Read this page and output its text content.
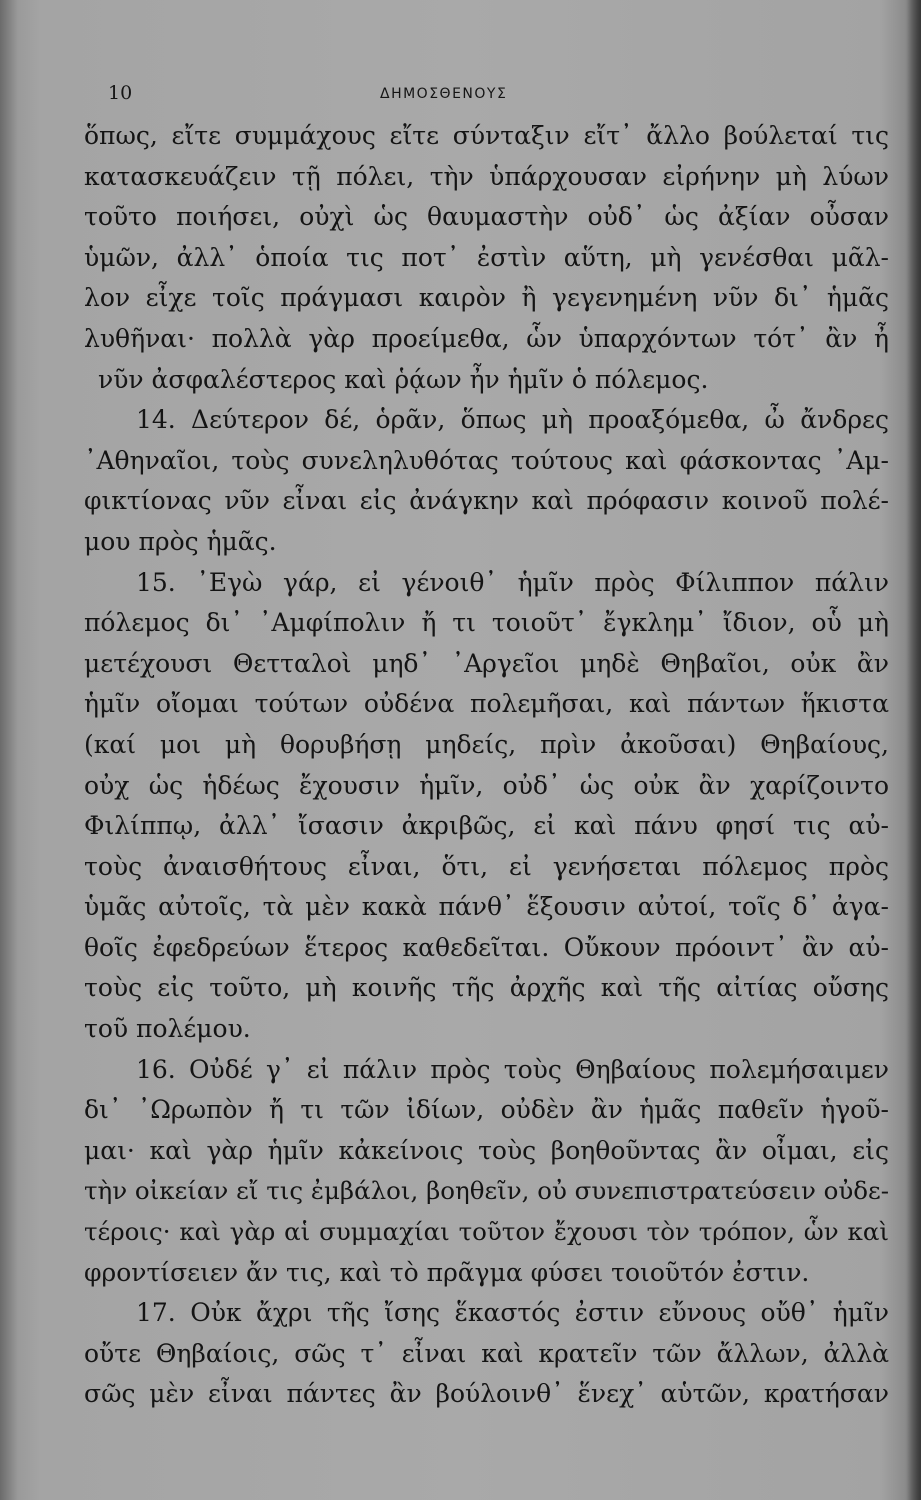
10	ΔΗΜΟΣΘΕΝΟΥΣ
ὅπως, εἴτε συμμάχους εἴτε σύνταξιν εἴτ᾽ ἄλλο βούλεταί τις
κατασκευάζειν τῇ πόλει, τὴν ὑπάρχουσαν εἰρήνην μὴ λύων
τοῦτο ποιήσει, οὐχὶ ὡς θαυμαστὴν οὐδ᾽ ὡς ἀξίαν οὖσαν
ὑμῶν, ἀλλ᾽ ὁποία τις ποτ᾽ ἐστὶν αὕτη, μὴ γενέσθαι μᾶλ-
λον εἶχε τοῖς πράγμασι καιρὸν ἢ γεγενημένη νῦν δι᾽ ἡμᾶς
λυθῆναι· πολλὰ γὰρ προείμεθα, ὧν ὑπαρχόντων τότ᾽ ἂν ἦ
νῦν ἀσφαλέστερος καὶ ῥᾴων ἦν ἡμῖν ὁ πόλεμος.
14. Δεύτερον δέ, ὁρᾶν, ὅπως μὴ προαξόμεθα, ὦ ἄνδρες
᾽Αθηναῖοι, τοὺς συνεληλυθότας τούτους καὶ φάσκοντας ᾽Αμ-
φικτίονας νῦν εἶναι εἰς ἀνάγκην καὶ πρόφασιν κοινοῦ πολέ-
μου πρὸς ἡμᾶς.
15. ᾽Εγὼ γάρ, εἰ γένοιθ᾽ ἡμῖν πρὸς Φίλιππον πάλιν
πόλεμος δι᾽ ᾽Αμφίπολιν ἤ τι τοιοῦτ᾽ ἔγκλημ᾽ ἴδιον, οὗ μὴ
μετέχουσι Θετταλοὶ μηδ᾽ ᾽Αργεῖοι μηδὲ Θηβαῖοι, οὐκ ἂν
ἡμῖν οἴομαι τούτων οὐδένα πολεμῆσαι, καὶ πάντων ἥκιστα
(καί μοι μὴ θορυβήσῃ μηδείς, πρὶν ἀκοῦσαι) Θηβαίους,
οὐχ ὡς ἡδέως ἔχουσιν ἡμῖν, οὐδ᾽ ὡς οὐκ ἂν χαρίζοιντο
Φιλίππῳ, ἀλλ᾽ ἴσασιν ἀκριβῶς, εἰ καὶ πάνυ φησί τις αὐ-
τοὺς ἀναισθήτους εἶναι, ὅτι, εἰ γενήσεται πόλεμος πρὸς
ὑμᾶς αὐτοῖς, τὰ μὲν κακὰ πάνθ᾽ ἕξουσιν αὐτοί, τοῖς δ᾽ ἀγα-
θοῖς ἐφεδρεύων ἕτερος καθεδεῖται. Οὔκουν πρόοιντ᾽ ἂν αὐ-
τοὺς εἰς τοῦτο, μὴ κοινῆς τῆς ἀρχῆς καὶ τῆς αἰτίας οὔσης
τοῦ πολέμου.
16. Οὐδέ γ᾽ εἰ πάλιν πρὸς τοὺς Θηβαίους πολεμήσαιμεν
δι᾽ ᾽Ωρωπὸν ἤ τι τῶν ἰδίων, οὐδὲν ἂν ἡμᾶς παθεῖν ἡγοῦ-
μαι· καὶ γὰρ ἡμῖν κἀκείνοις τοὺς βοηθοῦντας ἂν οἶμαι, εἰς
τὴν οἰκείαν εἴ τις ἐμβάλοι, βοηθεῖν, οὐ συνεπιστρατεύσειν οὐδε-
τέροις· καὶ γὰρ αἱ συμμαχίαι τοῦτον ἔχουσι τὸν τρόπον, ὧν καὶ
φροντίσειεν ἄν τις, καὶ τὸ πρᾶγμα φύσει τοιοῦτόν ἐστιν.
17. Οὐκ ἄχρι τῆς ἴσης ἕκαστός ἐστιν εὔνους οὔθ᾽ ἡμῖν
οὔτε Θηβαίοις, σῶς τ᾽ εἶναι καὶ κρατεῖν τῶν ἄλλων, ἀλλὰ
σῶς μὲν εἶναι πάντες ἂν βούλοινθ᾽ ἕνεχ᾽ αὑτῶν, κρατήσαν
